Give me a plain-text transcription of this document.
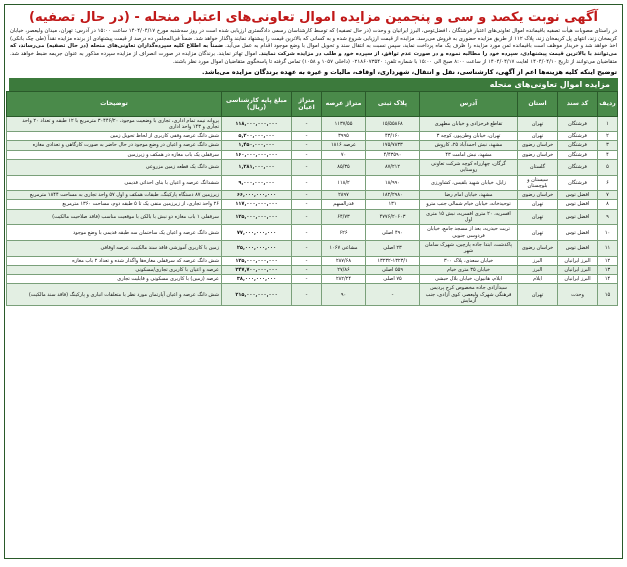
آگهی نوبت یکصد و سی و پنجمین مزایده اموال تعاونی‌های اعتبار منحله - (در حال تصفیه)
در راستای مصوبات هیأت تصفیه باقیمانده اموال تعاونی‌های اعتبار فرشتگان ، افضل‌توس، البرز ایرانیان و وحدت (در حال تصفیه) که توسط کارشناسان رسمی دادگستری ارزیابی شده است در روز سه‌شنبه مورخ ۱۴۰۴/۰۴/۱۷ ساعت ۱۵:۰۰ در آدرس: تهران، میدان ولیعصر، خیابان کریمخان زند، انتهای پل کریمخان زند، پلاک ۱۱۲ از طریق مزایده حضوری به فروش می‌رسد. مزایده از قیمت ارزیابی شروع شده و به کسانی که بالاترین قیمت را پیشنهاد نمایند واگذار خواهد شد. ضمناً فی‌المجلس ده درصد از قیمت پیشنهادی از برنده مزایده نقداً (طی چک بانکی) اخذ خواهد شد و خریدار موظف است باقیمانده ثمن مورد مزایده را ظرف یک ماه پرداخت نماید، سپس نسبت به انتقال سند و تحویل اموال با وضع موجود اقدام به عمل می‌آید. ضمناً به اطلاع کلیه سپرده‌گذاران تعاونی‌های منحله (در حال تصفیه) می‌رساند، که می‌توانند با بالاترین قیمت پیشنهادی، سپرده خود را مطالبه نموده و در صورت عدم توافق، از سپرده خود و طلب در مزایده شرکت نمایند. اموال تهاتر نمایند. برندگان مزایده در صورت انصراف از مزایده سپرده مذکور به عنوان جریمه ضبط خواهد شد. متقاضیان می‌توانند از تاریخ ۱۴۰۴/۰۴/۱۰ لغایت ۱۴۰۴/۰۴/۱۷ از ساعت ۸:۰۰ صبح الی ۱۵:۰۰ با شماره تلفن: ۰۲۱۸۶۰۷۳۵۴۰ (داخلی ۱۰۵۷ و ۱۰۵۸) تماس گرفته تا پاسخگوی متقاضیان اموال مورد نظر باشند.
توضیح اینکه کلیه هزینه‌ها اعم از آگهی، کارشناسی، نقل و انتقال، شهرداری، اوقاف، مالیات و غیره به عهده برندگان مزایده می‌باشد.
مزایده اموال تعاونی‌های منحله
ردیف	کد سند	استان	آدرس	پلاک ثبتی	متراژ عرصه	متراژ اعیان	مبلغ پایه کارشناسی (ریال)	توضیحات
۱	فرشتگان	تهران	تقاطع فرحزادی و خیابان مطهری	۱۵/۵۵۸۶۸	۱۱۳۷/۵۵	-	۱۱۸,۰۰۰,۰۰۰,۰۰۰	پروانه نیمه تمام اداری، تجاری با وضعیت موجود، ۳۰۴۴۶/۲۰ مترمربع با ۱۲ طبقه و تعداد ۲۰ واحد تجاری و ۱۴۳ واحد اداری
۲	فرشتگان	تهران	تهران، خیابان وطن‌پور، کوچه ۳	۴۳/۱۶۰	۳۹۹۵	-	۵,۲۰۰,۰۰۰,۰۰۰	شش دانگ عرصه وقفی کاربری از لحاظ تحویل زمین
۳	فرشتگان	خراسان رضوی	مشهد، نبش احمدآباد ۲۵، کاروش	۱۷۵/۷۸۳۳	عرصه ۱۸۱۶	-	۱,۴۵۰,۰۰۰,۰۰۰	شش دانگ عرصه و اعیان در وضع موجود در حال حاضر به صورت کارگاهی و تعدادی مغازه
۴	فرشتگان	خراسان رضوی	مشهد، نبش امامت ۴۳	۴/۴۳۵۹۰	۷۰	-	۱۶۰,۰۰۰,۰۰۰,۰۰۰	سرقفلی یک باب مغازه در همکف و زیرزمین
۵	فرشتگان	گلستان	گرگان، چهارراه کوچه شرکت تعاونی روستایی	۸۷/۲۱۲	۸۵/۳۵	-	۱,۲۸۱,۰۰۰,۰۰۰	شش دانگ یک قطعه زمین مزروعی
۶	فرشتگان	سیستان و بلوچستان	زابل، خیابان شهید بلقیس، کشاورزی	۱۸/۹۹۰	۱۱۸/۲	-	۹,۰۰۰,۰۰۰,۰۰۰	ششدانگ عرصه و اعیان با بنای احداثی قدیمی
۷	افضل توس	خراسان رضوی	مشهد، خیابان امام رضا	۱۸۲/۲۹۸۰	۲۸۹۷	-	۶۶,۰۰۰,۰۰۰,۰۰۰	زیرزمین ۸۷ دستگاه پارکینگ، طبقات همکف و اول ۵۷ واحد تجاری به مساحت ۱۸۴۴ مترمربع
۸	افضل توس	تهران	توحیدخانه، خیابان خیام شمالی جنب مترو	۱۳۱	قدرالسهم	-	۱۱۷,۰۰۰,۰۰۰,۰۰۰	۲۶ واحد تجاری، از زیرزمین منفی یک تا ۵ طبقه دوم، مساحت ۱۳۶۰ مترمربع
۹	افضل توس	تهران	افسریه، ۲۰ متری افسریه، نبش ۱۵ متری اول	۴۷۷۶/۲۰۶۰۳	۶۴/۷۳	-	۱۲۵,۰۰۰,۰۰۰,۰۰۰	سرقفلی ۱ باب مغازه دو نبش با بالکن با موقعیت مناسب (فاقد صلاحیت مالکیت)
۱۰	افضل توس	تهران	تربت حیدریه، بعد از مسجد جامع، خیابان فردوسی جنوبی	۴۹۰ اصلی	۶۲۶	-	۷۷,۰۰۰,۰۰۰,۰۰۰	شش دانگ عرصه و اعیان یک ساختمان سه طبقه قدیمی با وضع موجود
۱۱	افضل توس	خراسان رضوی	پاکدشت، ابتدا جاده پارچین، شهرک سامان شهر	۲۳ اصلی	مشاعی ۱۰۶۷	-	۲۵,۰۰۰,۰۰۰,۰۰۰	زمین با کاربری آموزشی فاقد سند مالکیت، عرصه اوقافی
۱۲	البرز ایرانیان	البرز	خیابان سعدی، پلاک ۳۰۰	۱۳۲۳۲-۱۳۲۳/۱	۲۸۷/۶۸	-	۱۲۵,۰۰۰,۰۰۰,۰۰۰	شش دانگ عرصه که سرقفلی مغازه‌ها واگذار شده و تعداد ۲ باب مغازه
۱۳	البرز ایرانیان	البرز	خیابان ۳۵ متری خیام	۵۵۹ اصلی	۲۷/۸۶	-	۲۴۷,۷۰۰,۰۰۰,۰۰۰	عرصه و اعیان با کاربری تجاری/مسکونی
۱۴	البرز ایرانیان	ایلام	ایلام، هانیوان، خیابان بلال حبشی	۷۵ اصلی	۲۸۲/۲۴	-	۳۸,۰۰۰,۰۰۰,۰۰۰	عرصه (زمین) با کاربری مسکونی و قابلیت تجاری
۱۵	وحدت	تهران	سیدآزادی جاده مخصوص کرج پردیس فرهنگی شهرک ولیعصر، کوی آزادی، جنب آزمایش	-	۹۰	-	۲۱۵,۰۰۰,۰۰۰,۰۰۰	شش دانگ عرصه و اعیان آپارتمان مورد نظر با متعلقات انباری و پارکینگ (فاقد سند مالکیت)
